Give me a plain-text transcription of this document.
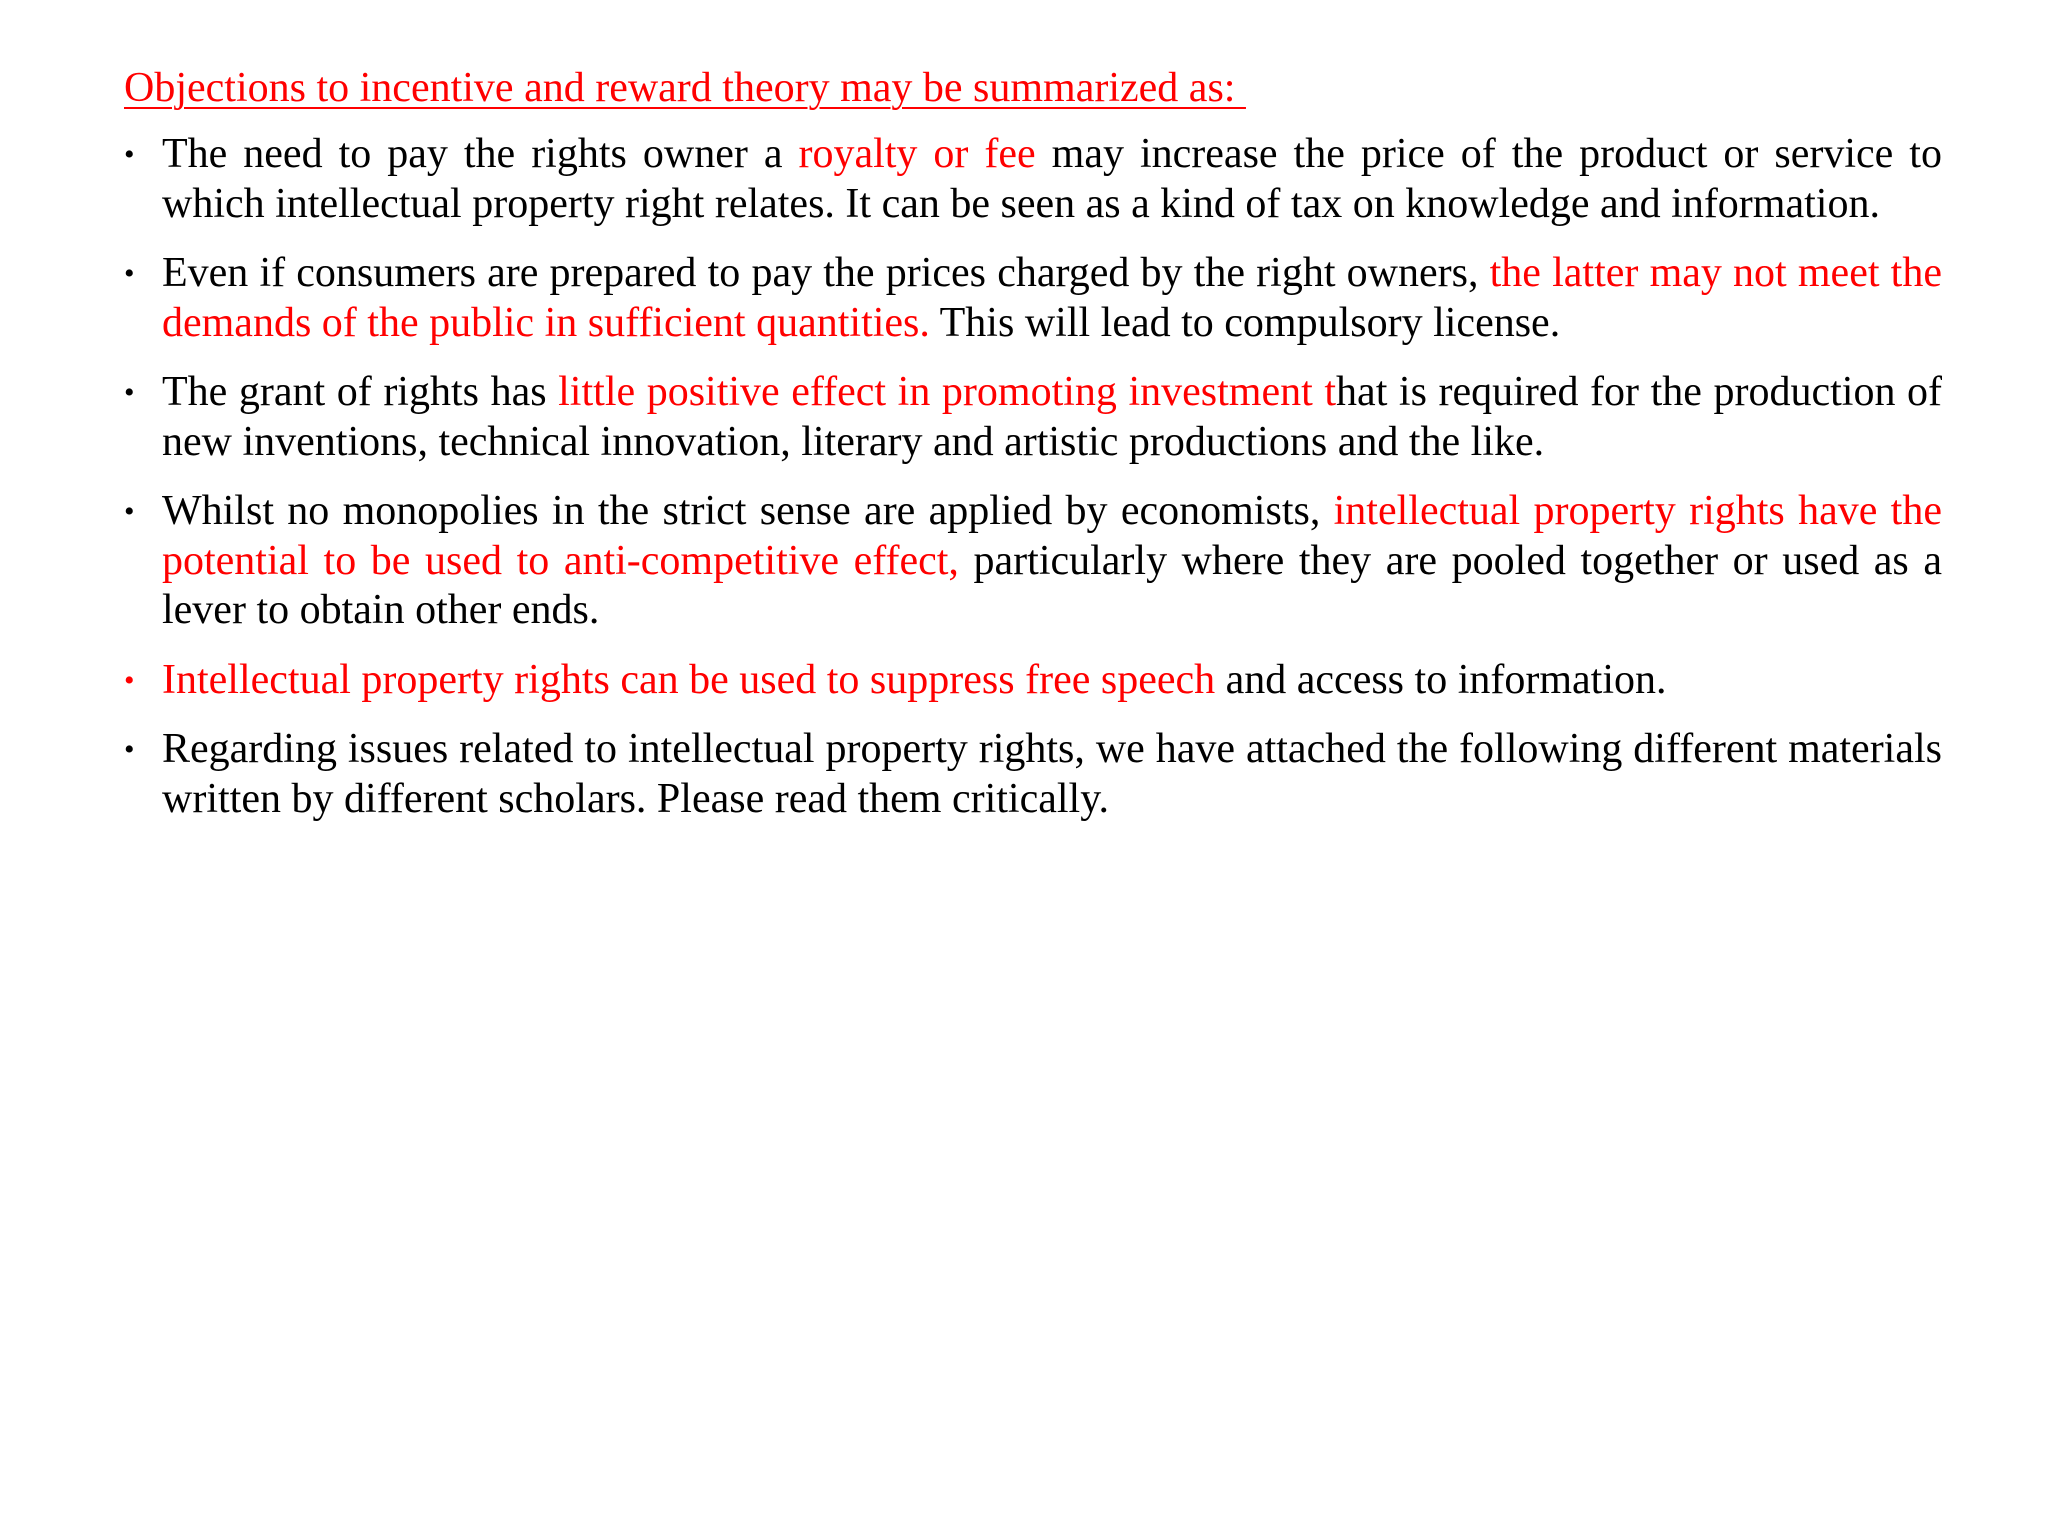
Objections to incentive and reward theory may be summarized as:
• The need to pay the rights owner a royalty or fee may increase the price of the product or service to which intellectual property right relates. It can be seen as a kind of tax on knowledge and information.
• Even if consumers are prepared to pay the prices charged by the right owners, the latter may not meet the demands of the public in sufficient quantities. This will lead to compulsory license.
• The grant of rights has little positive effect in promoting investment that is required for the production of new inventions, technical innovation, literary and artistic productions and the like.
• Whilst no monopolies in the strict sense are applied by economists, intellectual property rights have the potential to be used to anti-competitive effect, particularly where they are pooled together or used as a lever to obtain other ends.
• Intellectual property rights can be used to suppress free speech and access to information.
• Regarding issues related to intellectual property rights, we have attached the following different materials written by different scholars. Please read them critically.
